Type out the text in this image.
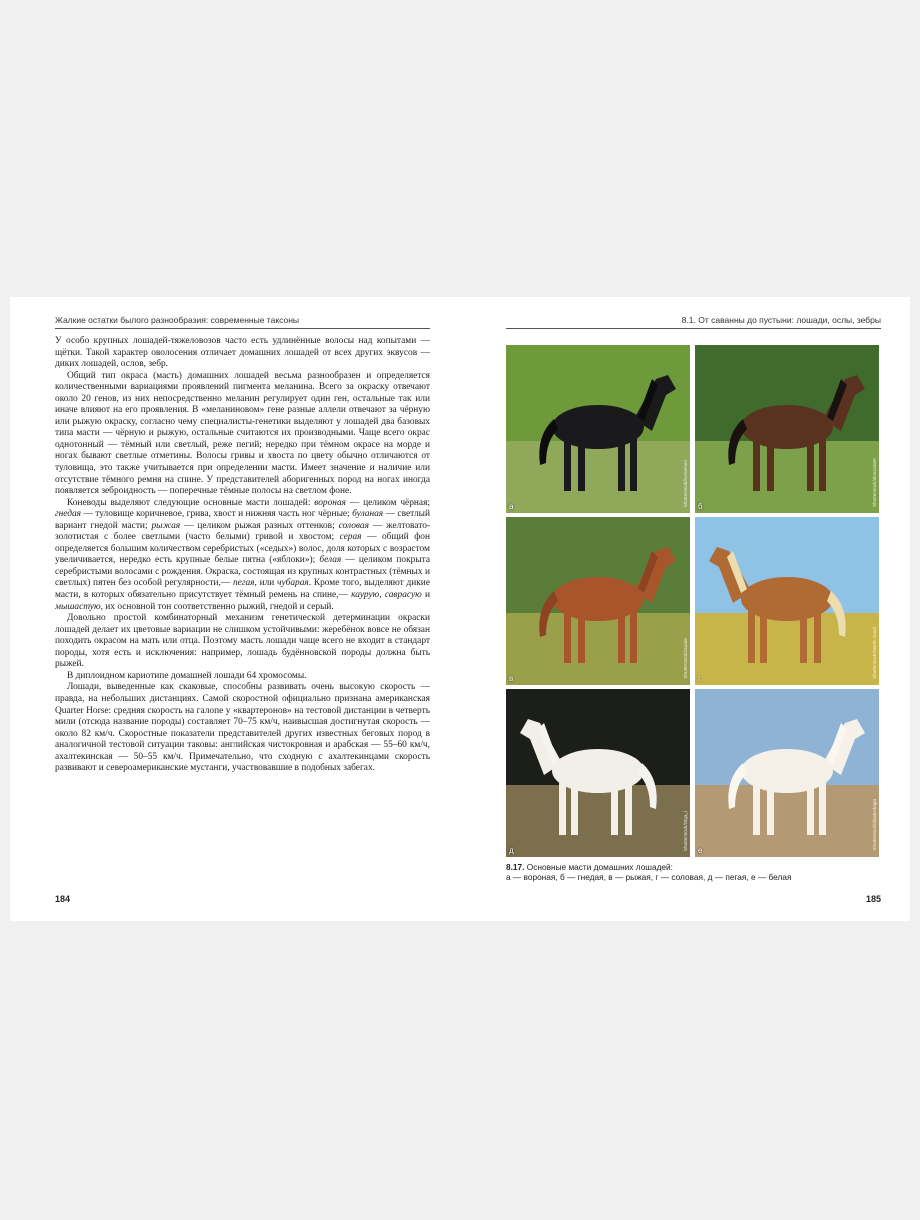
Жалкие остатки былого разнообразия: современные таксоны

У особо крупных лошадей-тяжеловозов часто есть удлинённые волосы над копытами — щётки. Такой характер оволосения отличает домашних лошадей от всех других эквусов — диких лошадей, ослов, зебр.

Общий тип окраса (масть) домашних лошадей весьма разнообразен и определяется количественными вариациями проявлений пигмента меланина. Всего за окраску отвечают около 20 генов, из них непосредственно меланин регулирует один ген, остальные так или иначе влияют на его проявления. В «меланиновом» гене разные аллели отвечают за чёрную или рыжую окраску, согласно чему специалисты-генетики выделяют у лошадей два базовых типа масти — чёрную и рыжую, остальные считаются их производными. Чаще всего окрас однотонный — тёмный или светлый, реже пегий; нередко при тёмном окрасе на морде и ногах бывают светлые отметины. Волосы гривы и хвоста по цвету обычно отличаются от туловища, это также учитывается при определении масти. Имеет значение и наличие или отсутствие тёмного ремня на спине. У представителей аборигенных пород на ногах иногда появляется зеброидность — поперечные тёмные полосы на светлом фоне.

Коневоды выделяют следующие основные масти лошадей: вороная — целиком чёрная; гнедая — туловище коричневое, грива, хвост и нижняя часть ног чёрные; буланая — светлый вариант гнедой масти; рыжая — целиком рыжая разных оттенков; соловая — желтовато-золотистая с более светлыми (часто белыми) гривой и хвостом; серая — общий фон определяется большим количеством серебристых («седых») волос, доля которых с возрастом увеличивается, нередко есть крупные белые пятна («яблоки»); белая — целиком покрыта серебристыми волосами с рождения. Окраска, состоящая из крупных контрастных (тёмных и светлых) пятен без особой регулярности,— пегая, или чубарая. Кроме того, выделяют дикие масти, в которых обязательно присутствует тёмный ремень на спине,— каурую, саврасую и мышастую, их основной тон соответственно рыжий, гнедой и серый.

Довольно простой комбинаторный механизм генетической детерминации окраски лошадей делает их цветовые вариации не слишком устойчивыми: жеребёнок вовсе не обязан походить окрасом на мать или отца. Поэтому масть лошади чаще всего не входит в стандарт породы, хотя есть и исключения: например, лошадь будённовской породы должна быть рыжей.

В диплоидном кариотипе домашней лошади 64 хромосомы.

Лошади, выведенные как скаковые, способны развивать очень высокую скорость — правда, на небольших дистанциях. Самой скоростной официально признана американская Quarter Horse: средняя скорость на галопе у «квартеронов» на тестовой дистанции в четверть мили (отсюда название породы) составляет 70–75 км/ч, наивысшая достигнутая скорость — около 82 км/ч. Скоростные показатели представителей других известных беговых пород в аналогичной тестовой ситуации таковы: английская чистокровная и арабская — 55–60 км/ч, ахалтекинская — 50–55 км/ч. Примечательно, что сходную с ахалтекинцами скорость развивают и североамериканские мустанги, участвовавшие в подобных забегах.

184
8.1. От саванны до пустыни: лошади, ослы, зебры
а	Shutterstock/horsemen б	Shutterstock/dinozzaver
в	Shutterstock/Zuzule г	Shutterstock/Martin Good
д	Shutterstock/Olga_i е	Shutterstock/sbadeckapa
8.17. Основные масти домашних лошадей:
а — вороная, б — гнедая, в — рыжая, г — соловая, д — пегая, е — белая
185
